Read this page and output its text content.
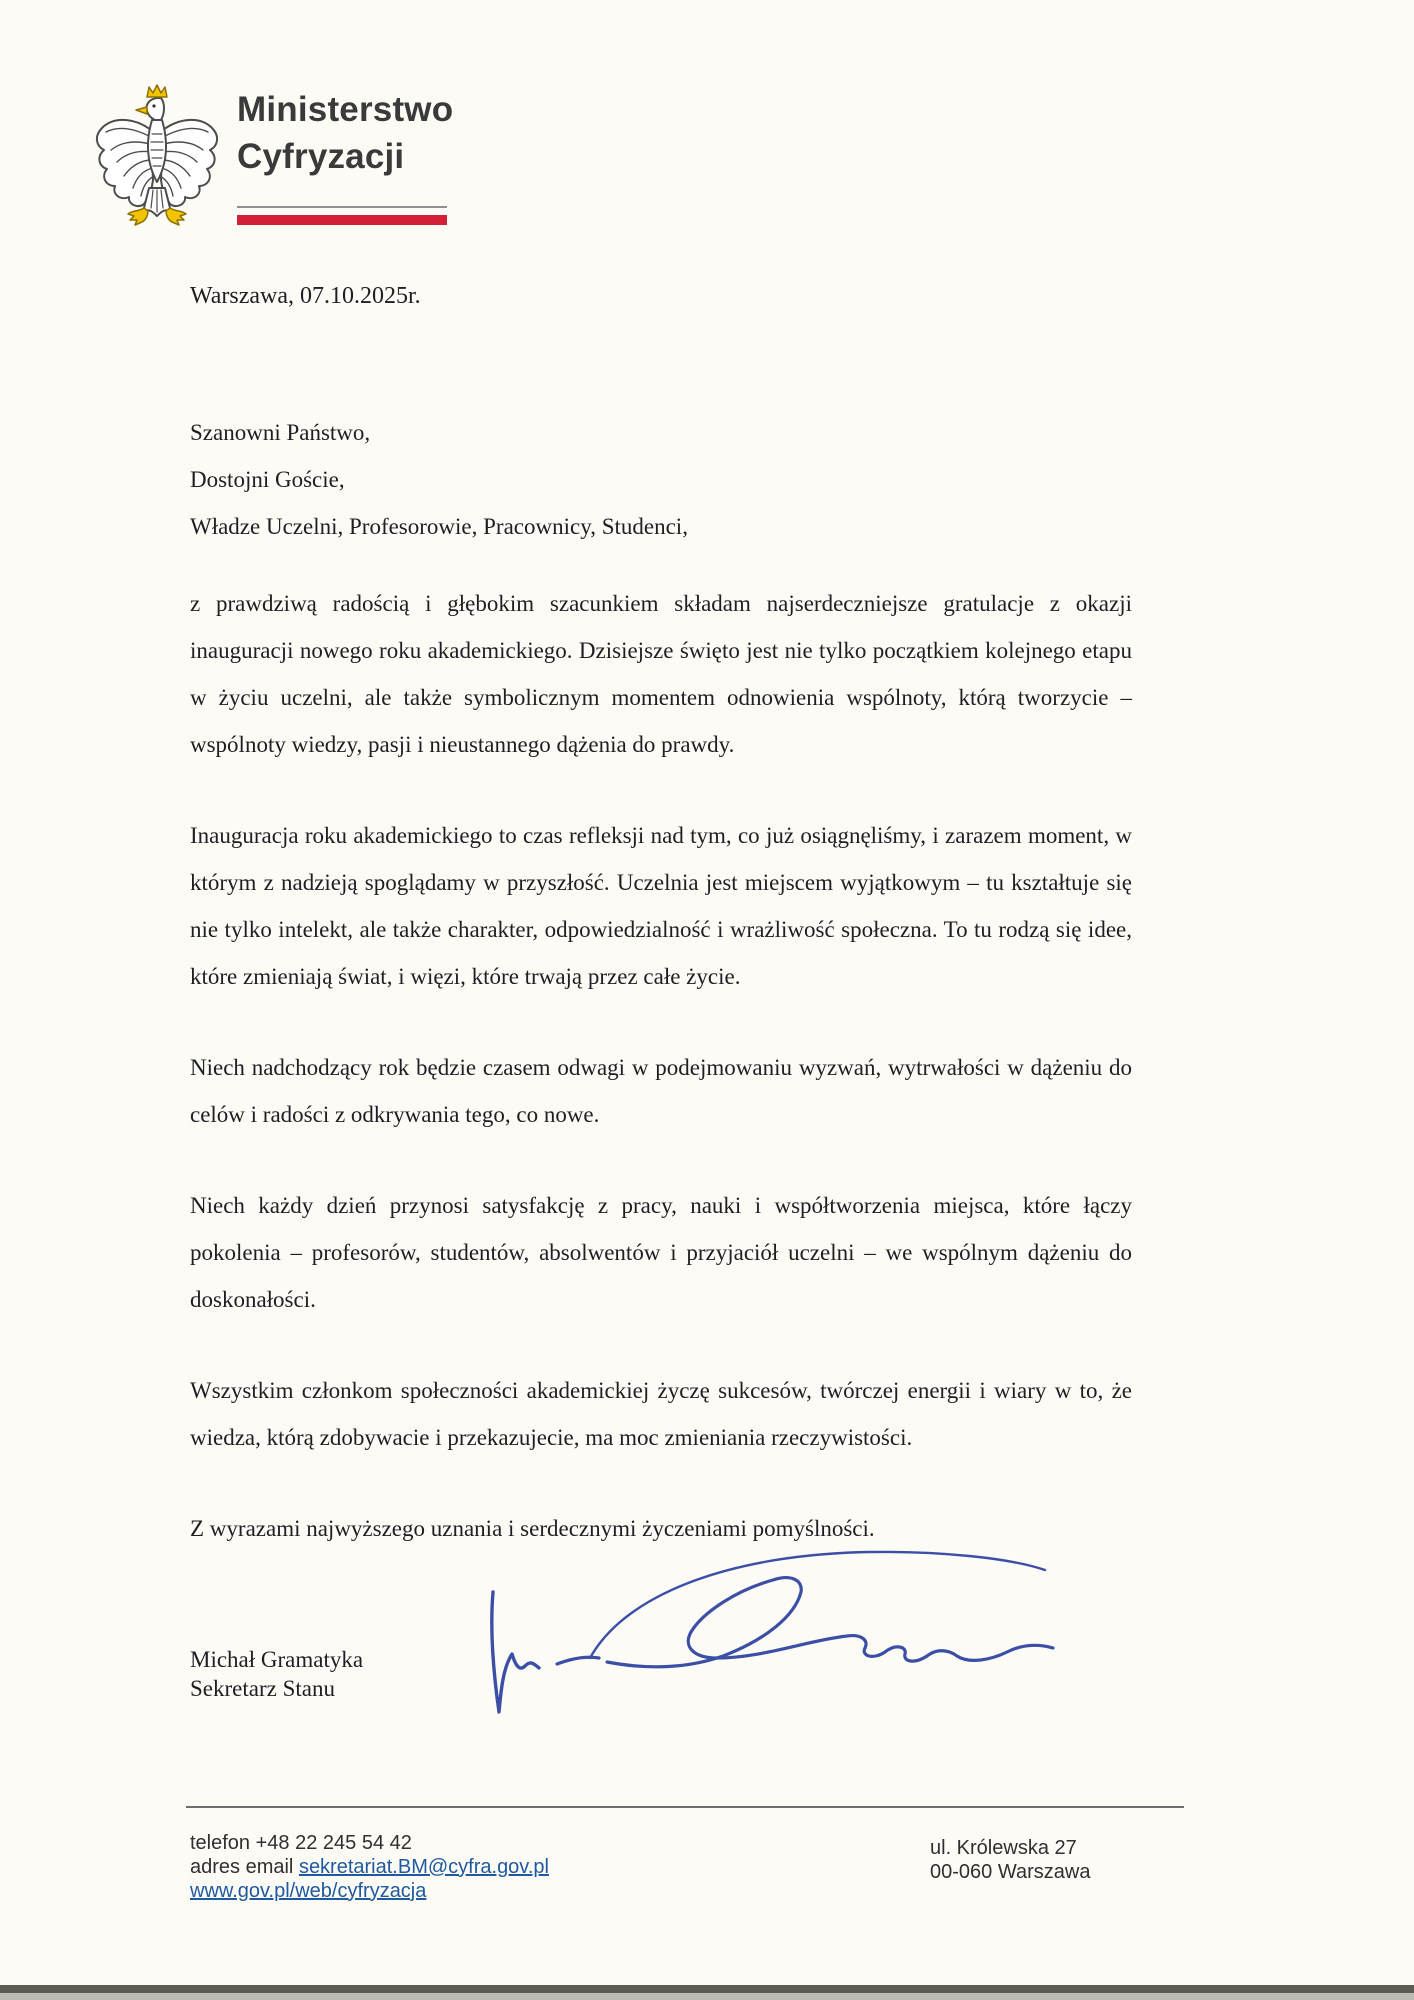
Ministerstwo
Cyfryzacji
Warszawa, 07.10.2025r.
Szanowni Państwo,
Dostojni Goście,
Władze Uczelni, Profesorowie, Pracownicy, Studenci,

z prawdziwą radością i głębokim szacunkiem składam najserdeczniejsze gratulacje z okazji inauguracji nowego roku akademickiego. Dzisiejsze święto jest nie tylko początkiem kolejnego etapu w życiu uczelni, ale także symbolicznym momentem odnowienia wspólnoty, którą tworzycie – wspólnoty wiedzy, pasji i nieustannego dążenia do prawdy.

Inauguracja roku akademickiego to czas refleksji nad tym, co już osiągnęliśmy, i zarazem moment, w którym z nadzieją spoglądamy w przyszłość. Uczelnia jest miejscem wyjątkowym – tu kształtuje się nie tylko intelekt, ale także charakter, odpowiedzialność i wrażliwość społeczna. To tu rodzą się idee, które zmieniają świat, i więzi, które trwają przez całe życie.

Niech nadchodzący rok będzie czasem odwagi w podejmowaniu wyzwań, wytrwałości w dążeniu do celów i radości z odkrywania tego, co nowe.

Niech każdy dzień przynosi satysfakcję z pracy, nauki i współtworzenia miejsca, które łączy pokolenia – profesorów, studentów, absolwentów i przyjaciół uczelni – we wspólnym dążeniu do doskonałości.

Wszystkim członkom społeczności akademickiej życzę sukcesów, twórczej energii i wiary w to, że wiedza, którą zdobywacie i przekazujecie, ma moc zmieniania rzeczywistości.

Z wyrazami najwyższego uznania i serdecznymi życzeniami pomyślności.

Michał Gramatyka
Sekretarz Stanu
telefon +48 22 245 54 42
adres email sekretariat.BM@cyfra.gov.pl
www.gov.pl/web/cyfryzacja
ul. Królewska 27
00-060 Warszawa
